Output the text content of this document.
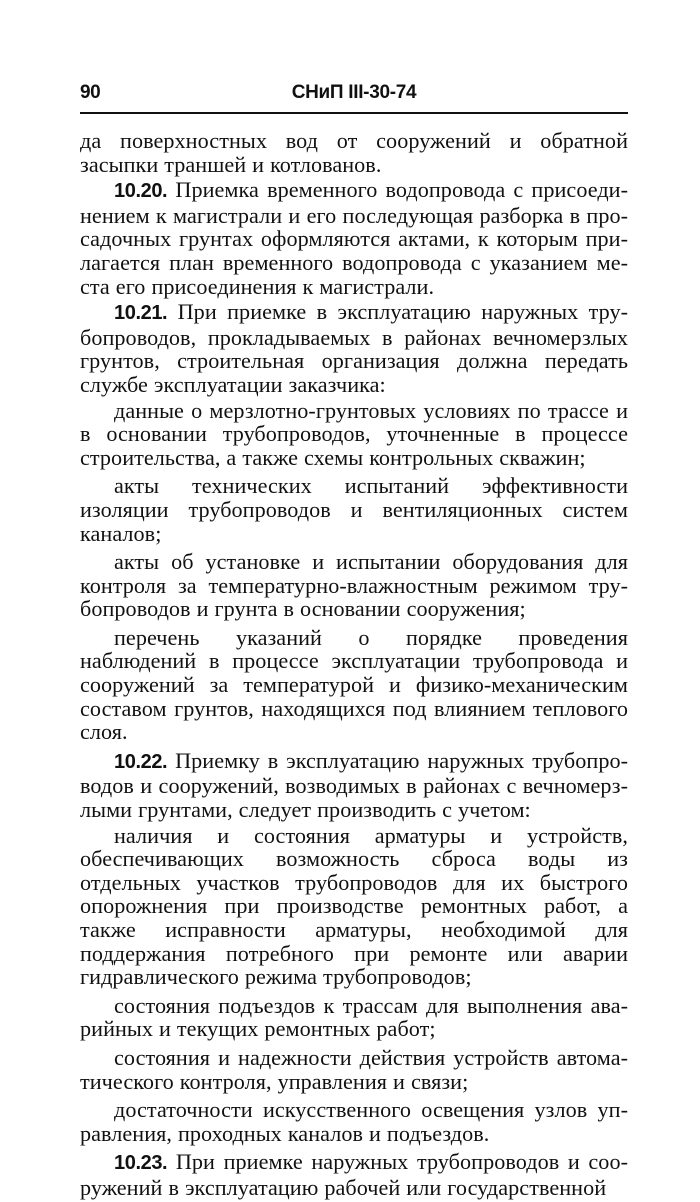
90	СНиП III-30-74

да поверхностных вод от сооружений и обратной засыпки траншей и котлованов.

10.20. Приемка временного водопровода с присоединением к магистрали и его последующая разборка в просадочных грунтах оформляются актами, к которым прилагается план временного водопровода с указанием места его присоединения к магистрали.

10.21. При приемке в эксплуатацию наружных трубопроводов, прокладываемых в районах вечномерзлых грунтов, строительная организация должна передать службе эксплуатации заказчика:

данные о мерзлотно-грунтовых условиях по трассе и в основании трубопроводов, уточненные в процессе строительства, а также схемы контрольных скважин;

акты технических испытаний эффективности изоляции трубопроводов и вентиляционных систем каналов;

акты об установке и испытании оборудования для контроля за температурно-влажностным режимом трубопроводов и грунта в основании сооружения;

перечень указаний о порядке проведения наблюдений в процессе эксплуатации трубопровода и сооружений за температурой и физико-механическим составом грунтов, находящихся под влиянием теплового слоя.

10.22. Приемку в эксплуатацию наружных трубопроводов и сооружений, возводимых в районах с вечномерзлыми грунтами, следует производить с учетом:

наличия и состояния арматуры и устройств, обеспечивающих возможность сброса воды из отдельных участков трубопроводов для их быстрого опорожнения при производстве ремонтных работ, а также исправности арматуры, необходимой для поддержания потребного при ремонте или аварии гидравлического режима трубопроводов;

состояния подъездов к трассам для выполнения аварийных и текущих ремонтных работ;

состояния и надежности действия устройств автоматического контроля, управления и связи;

достаточности искусственного освещения узлов управления, проходных каналов и подъездов.

10.23. При приемке наружных трубопроводов и сооружений в эксплуатацию рабочей или государственной
